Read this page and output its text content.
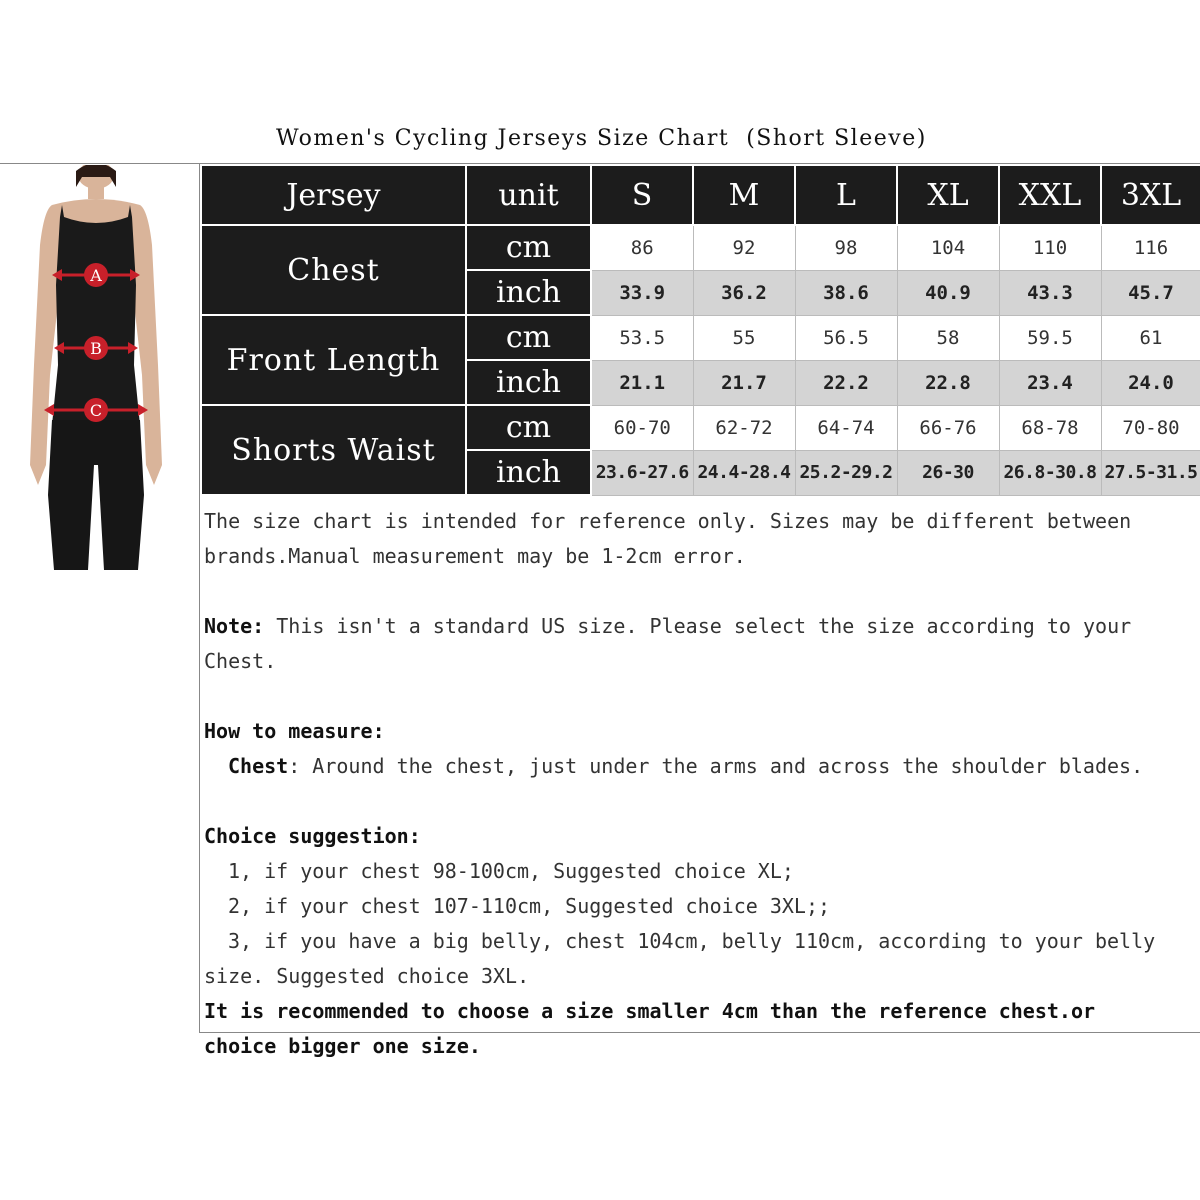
Women's Cycling Jerseys Size Chart  (Short Sleeve)
Jersey	unit	S	M	L	XL	XXL	3XL
Chest	cm	86	92	98	104	110	116
	inch	33.9	36.2	38.6	40.9	43.3	45.7
Front Length	cm	53.5	55	56.5	58	59.5	61
	inch	21.1	21.7	22.2	22.8	23.4	24.0
Shorts Waist	cm	60-70	62-72	64-74	66-76	68-78	70-80
	inch	23.6-27.6	24.4-28.4	25.2-29.2	26-30	26.8-30.8	27.5-31.5

The size chart is intended for reference only. Sizes may be different between

brands.Manual measurement may be 1-2cm error.

Note: This isn't a standard US size. Please select the size according to your Chest.

How to measure:

Chest: Around the chest, just under the arms and across the shoulder blades.

Choice suggestion:

1, if your chest 98-100cm, Suggested choice XL;

2, if your chest 107-110cm, Suggested choice 3XL;;

3, if you have a big belly, chest 104cm, belly 110cm, according to your belly

size. Suggested choice 3XL.

It is recommended to choose a size smaller 4cm than the reference chest.or

choice bigger one size.

A
B
C
